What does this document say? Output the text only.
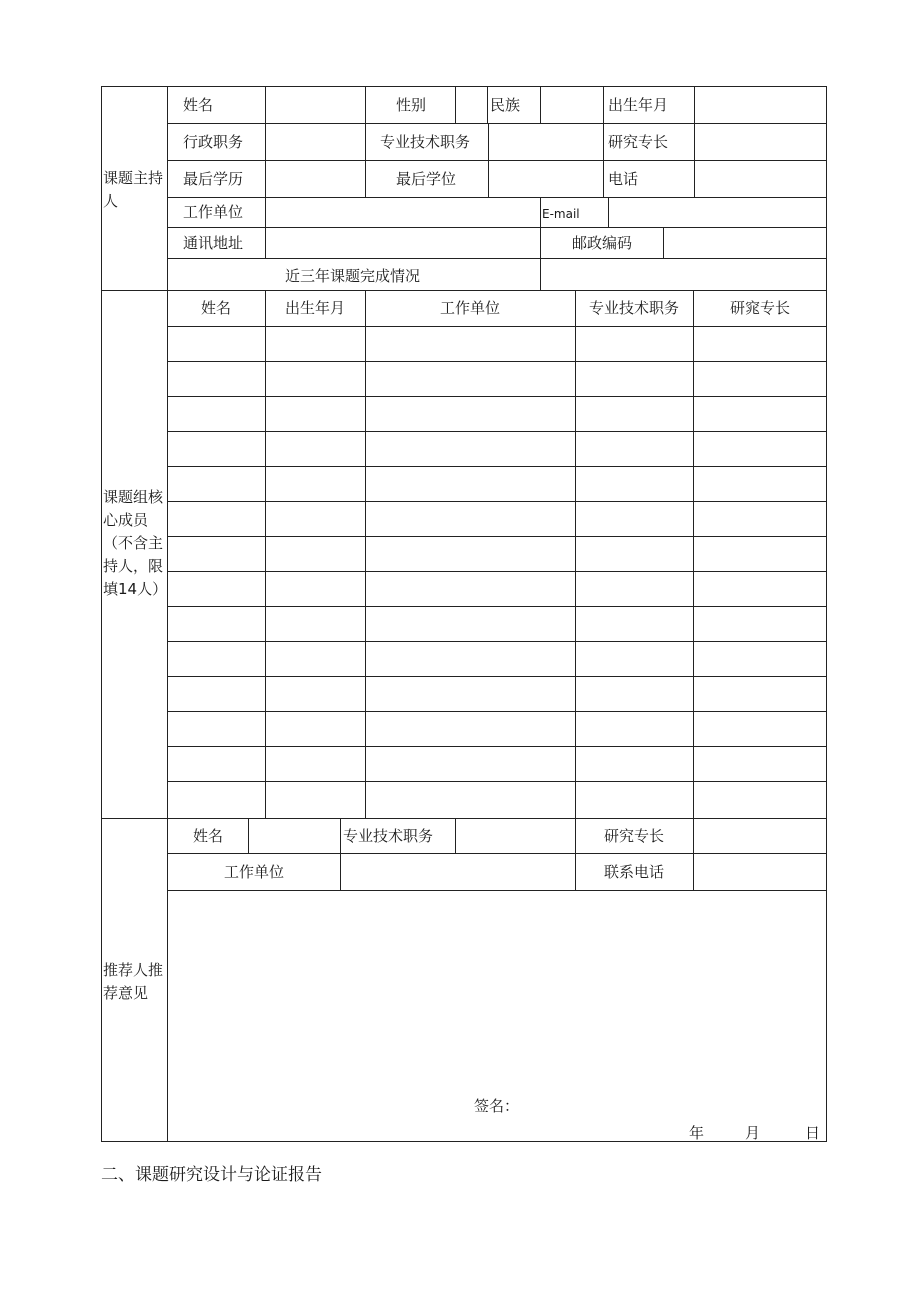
课题主持人
姓名	性别	民族	出生年月
行政职务	专业技术职务	研究专长
最后学历	最后学位	电话
工作单位	E-mail
通讯地址	邮政编码
近三年课题完成情况
课题组核心成员（不含主持人，限填14人）
姓名	出生年月	工作单位	专业技术职务	研窕专长
推荐人推荐意见
姓名	专业技术职务	研究专长
工作单位	联系电话
签名：
年	月	日
二、课题研究设计与论证报告
